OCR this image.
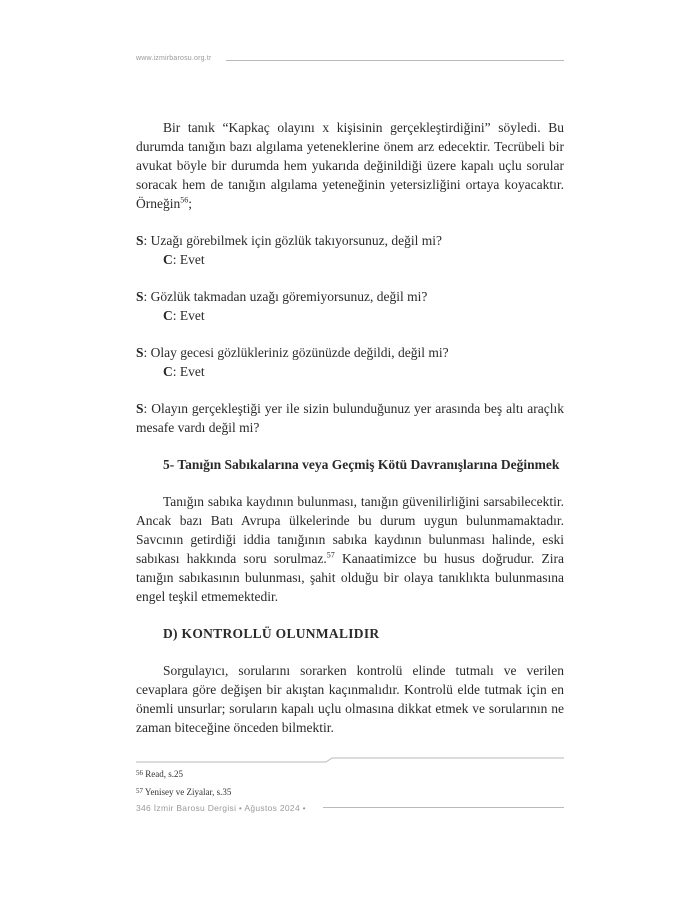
www.izmirbarosu.org.tr

Bir tanık “Kapkaç olayını x kişisinin gerçekleştirdiğini” söyledi. Bu durumda tanığın bazı algılama yeteneklerine önem arz edecektir. Tecrübeli bir avukat böyle bir durumda hem yukarıda değinildiği üzere kapalı uçlu sorular soracak hem de tanığın algılama yeteneğinin yetersizliğini ortaya koyacaktır. Örneğin$^{56}$;

S: Uzağı görebilmek için gözlük takıyorsunuz, değil mi?

C: Evet

S: Gözlük takmadan uzağı göremiyorsunuz, değil mi?

C: Evet

S: Olay gecesi gözlükleriniz gözünüzde değildi, değil mi?

C: Evet

S: Olayın gerçekleştiği yer ile sizin bulunduğunuz yer arasında beş altı araçlık mesafe vardı değil mi?

5- Tanığın Sabıkalarına veya Geçmiş Kötü Davranışlarına Değinmek

Tanığın sabıka kaydının bulunması, tanığın güvenilirliğini sarsabilecektir. Ancak bazı Batı Avrupa ülkelerinde bu durum uygun bulunmamaktadır. Savcının getirdiği iddia tanığının sabıka kaydının bulunması halinde, eski sabıkası hakkında soru sorulmaz.$^{57}$ Kanaatimizce bu husus doğrudur. Zira tanığın sabıkasının bulunması, şahit olduğu bir olaya tanıklıkta bulunmasına engel teşkil etmemektedir.

D) KONTROLLÜ OLUNMALIDIR

Sorgulayıcı, sorularını sorarken kontrolü elinde tutmalı ve verilen cevaplara göre değişen bir akıştan kaçınmalıdır. Kontrolü elde tutmak için en önemli unsurlar; soruların kapalı uçlu olmasına dikkat etmek ve sorularının ne zaman biteceğine önceden bilmektir.

$^{56}$ Read, s.25

$^{57}$ Yenisey ve Ziyalar, s.35

346 İzmir Barosu Dergisi • Ağustos 2024 •
